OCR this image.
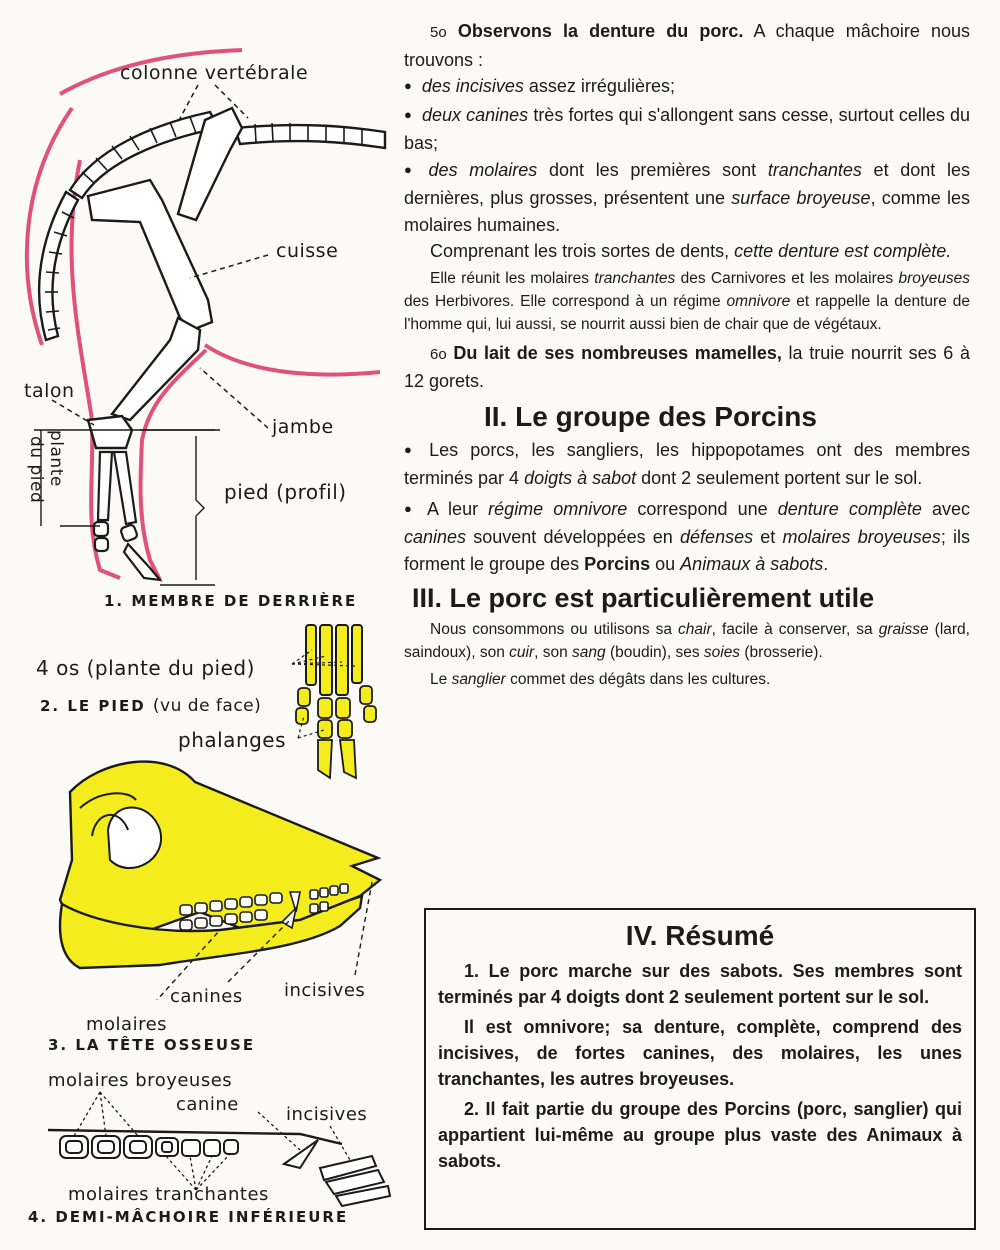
colonne vertébrale
cuisse
talon
plante
du pied
jambe
pied (profil)
1. MEMBRE DE DERRIÈRE
4 os (plante du pied)
2. LE PIED (vu de face)
phalanges
canines incisives
molaires
3. LA TÊTE OSSEUSE
molaires broyeuses
canine	incisives
molaires tranchantes
4. DEMI-MÂCHOIRE INFÉRIEURE

5o Observons la denture du porc. A chaque mâchoire nous trouvons :

● des incisives assez irrégulières;

● deux canines très fortes qui s'allongent sans cesse, surtout celles du bas;

● des molaires dont les premières sont tranchantes et dont les dernières, plus grosses, présentent une surface broyeuse, comme les molaires humaines.

Comprenant les trois sortes de dents, cette denture est complète.

Elle réunit les molaires tranchantes des Carnivores et les molaires broyeuses des Herbivores. Elle correspond à un régime omnivore et rappelle la denture de l'homme qui, lui aussi, se nourrit aussi bien de chair que de végétaux.

6o Du lait de ses nombreuses mamelles, la truie nourrit ses 6 à 12 gorets.

II. Le groupe des Porcins

● Les porcs, les sangliers, les hippopotames ont des membres terminés par 4 doigts à sabot dont 2 seulement portent sur le sol.

● A leur régime omnivore correspond une denture complète avec canines souvent développées en défenses et molaires broyeuses; ils forment le groupe des Porcins ou Animaux à sabots.

III. Le porc est particulièrement utile

Nous consommons ou utilisons sa chair, facile à conserver, sa graisse (lard, saindoux), son cuir, son sang (boudin), ses soies (brosserie).

Le sanglier commet des dégâts dans les cultures.

IV. Résumé

1. Le porc marche sur des sabots. Ses membres sont terminés par 4 doigts dont 2 seulement portent sur le sol.

Il est omnivore; sa denture, complète, comprend des incisives, de fortes canines, des molaires, les unes tranchantes, les autres broyeuses.

2. Il fait partie du groupe des Porcins (porc, sanglier) qui appartient lui-même au groupe plus vaste des Animaux à sabots.
